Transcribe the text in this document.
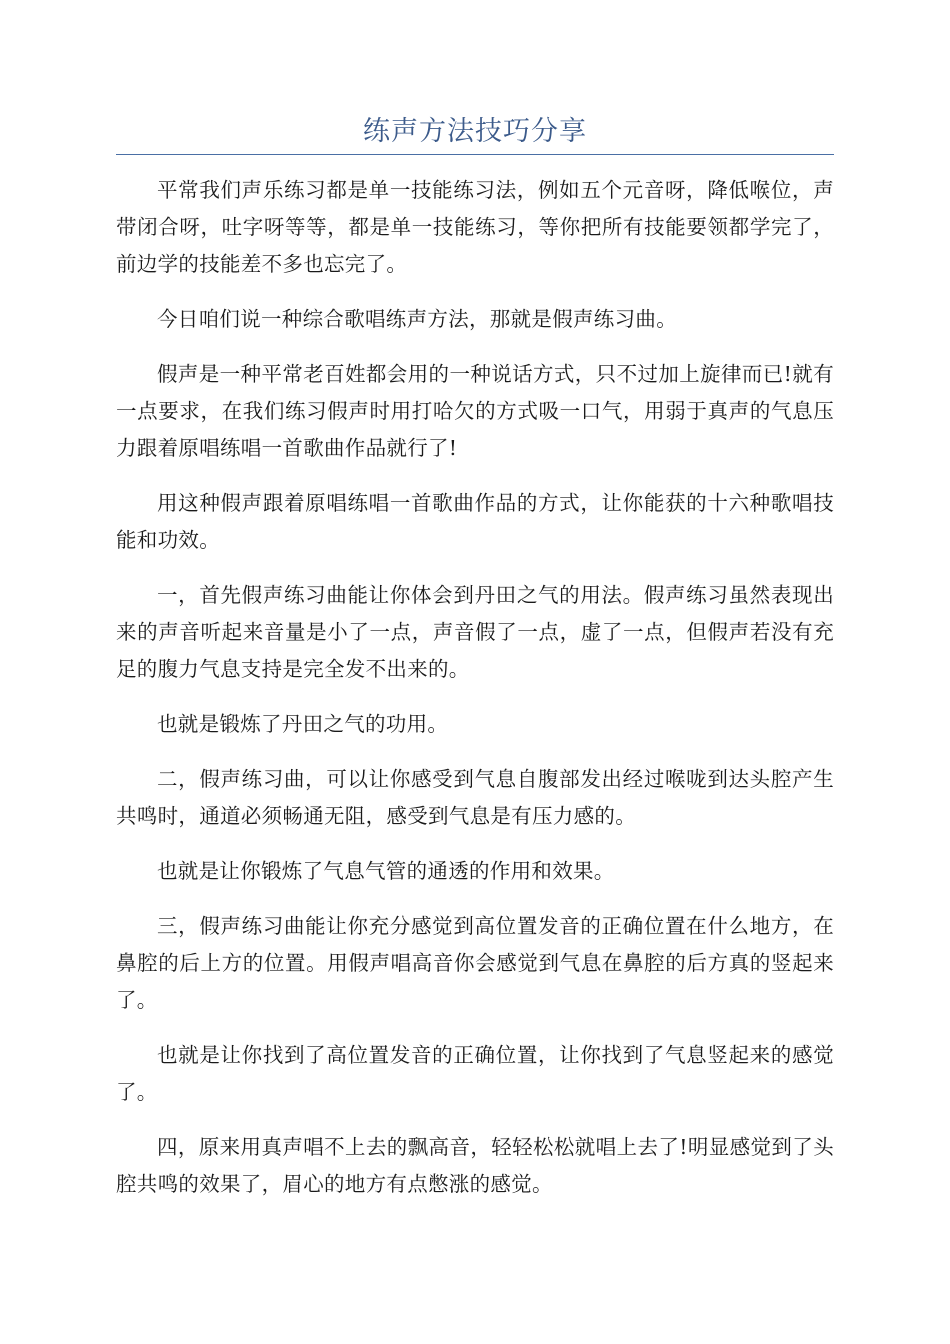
练声方法技巧分享

平常我们声乐练习都是单一技能练习法，例如五个元音呀，降低喉位，声带闭合呀，吐字呀等等，都是单一技能练习，等你把所有技能要领都学完了，前边学的技能差不多也忘完了。

今日咱们说一种综合歌唱练声方法，那就是假声练习曲。

假声是一种平常老百姓都会用的一种说话方式，只不过加上旋律而已!就有一点要求，在我们练习假声时用打哈欠的方式吸一口气，用弱于真声的气息压力跟着原唱练唱一首歌曲作品就行了!

用这种假声跟着原唱练唱一首歌曲作品的方式，让你能获的十六种歌唱技能和功效。

一，首先假声练习曲能让你体会到丹田之气的用法。假声练习虽然表现出来的声音听起来音量是小了一点，声音假了一点，虚了一点，但假声若没有充足的腹力气息支持是完全发不出来的。

也就是锻炼了丹田之气的功用。

二，假声练习曲，可以让你感受到气息自腹部发出经过喉咙到达头腔产生共鸣时，通道必须畅通无阻，感受到气息是有压力感的。

也就是让你锻炼了气息气管的通透的作用和效果。

三，假声练习曲能让你充分感觉到高位置发音的正确位置在什么地方，在鼻腔的后上方的位置。用假声唱高音你会感觉到气息在鼻腔的后方真的竖起来了。

也就是让你找到了高位置发音的正确位置，让你找到了气息竖起来的感觉了。

四，原来用真声唱不上去的飘高音，轻轻松松就唱上去了!明显感觉到了头腔共鸣的效果了，眉心的地方有点憋涨的感觉。
